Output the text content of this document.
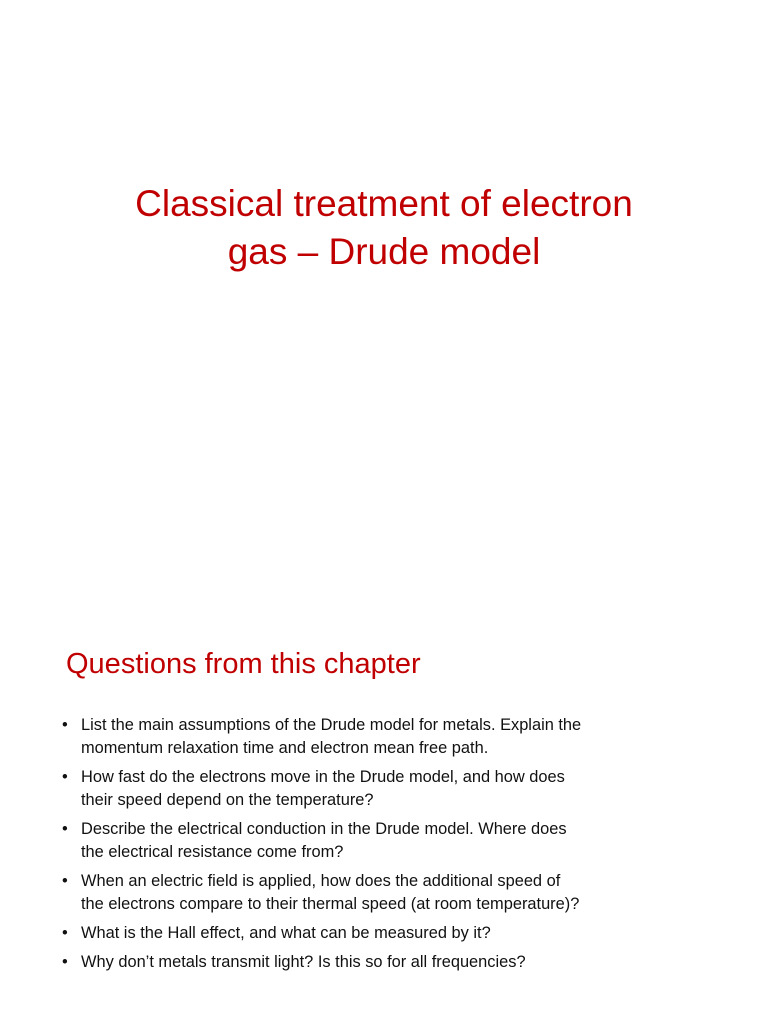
Classical treatment of electron
gas – Drude model
Questions from this chapter
• List the main assumptions of the Drude model for metals. Explain the
momentum relaxation time and electron mean free path.
• How fast do the electrons move in the Drude model, and how does
their speed depend on the temperature?
• Describe the electrical conduction in the Drude model. Where does
the electrical resistance come from?
• When an electric field is applied, how does the additional speed of
the electrons compare to their thermal speed (at room temperature)?
• What is the Hall effect, and what can be measured by it?
• Why don’t metals transmit light? Is this so for all frequencies?
